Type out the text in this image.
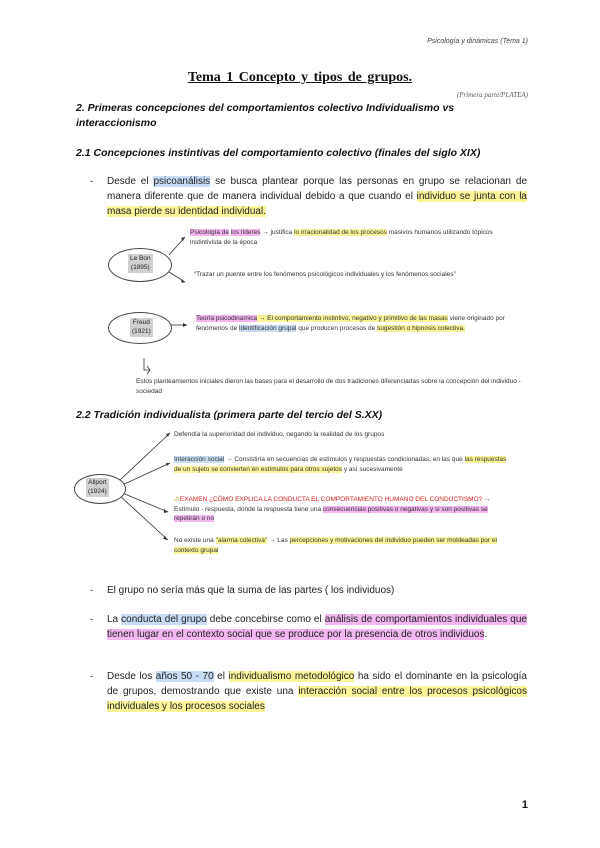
Psicología y dinámicas (Tema 1)
Tema 1 Concepto y tipos de grupos.
(Primera parte/PLATEA)
2. Primeras concepciones del comportamientos colectivo Individualismo vs
interaccionismo
2.1 Concepciones instintivas del comportamiento colectivo (finales del siglo XIX)
- Desde el psicoanálisis se busca plantear porque las personas en grupo se relacionan de manera diferente que de manera individual debido a que cuando el individuo se junta con la masa pierde su identidad individual.
Le Bon
(1895)
Freud
(1921)
Psicología de los líderes → justifica lo irracionalidad de los procesos masivos humanos utilizando tópicos instintivista de la época
“Trazar un puente entre los fenómenos psicológicos individuales y los fenómenos sociales”
Teoría psicodinamica → El comportamiento instintivo, negativo y primitivo de las masas viene originado por fenómenos de identificación grupal que producen procesos de sugestión o hipnosis colectiva.
Estos planteamientos iniciales dieron las bases para el desarrollo de dos tradiciones diferenciadas sobre la concepción del individuo - sociedad
2.2 Tradición individualista (primera parte del tercio del S.XX)
Allport
(1924)
Defendía la superioridad del individuo, negando la realidad de los grupos
Interacción social → Consistiría en secuencias de estímulos y respuestas condicionadas, en las que las respuestas de un sujeto se convierten en estímulos para otros sujetos y así sucesivamente
⚠EXAMEN ¿CÓMO EXPLICA LA CONDUCTA EL COMPORTAMIENTO HUMANO DEL CONDUCTISMO? → Estímulo - respuesta, donde la respuesta tiene una consecuencias positivas o negativas y si son positivas se repetirán o no
No existe una "alarma colectiva" → Las percepciones y motivaciones del individuo pueden ser moldeadas por el contexto grupal
- El grupo no sería más que la suma de las partes ( los individuos)
- La conducta del grupo debe concebirse como el análisis de comportamientos individuales que tienen lugar en el contexto social que se produce por la presencia de otros individuos.
- Desde los años 50 - 70 el individualismo metodológico ha sido el dominante en la psicología de grupos, demostrando que existe una interacción social entre los procesos psicológicos individuales y los procesos sociales
1
